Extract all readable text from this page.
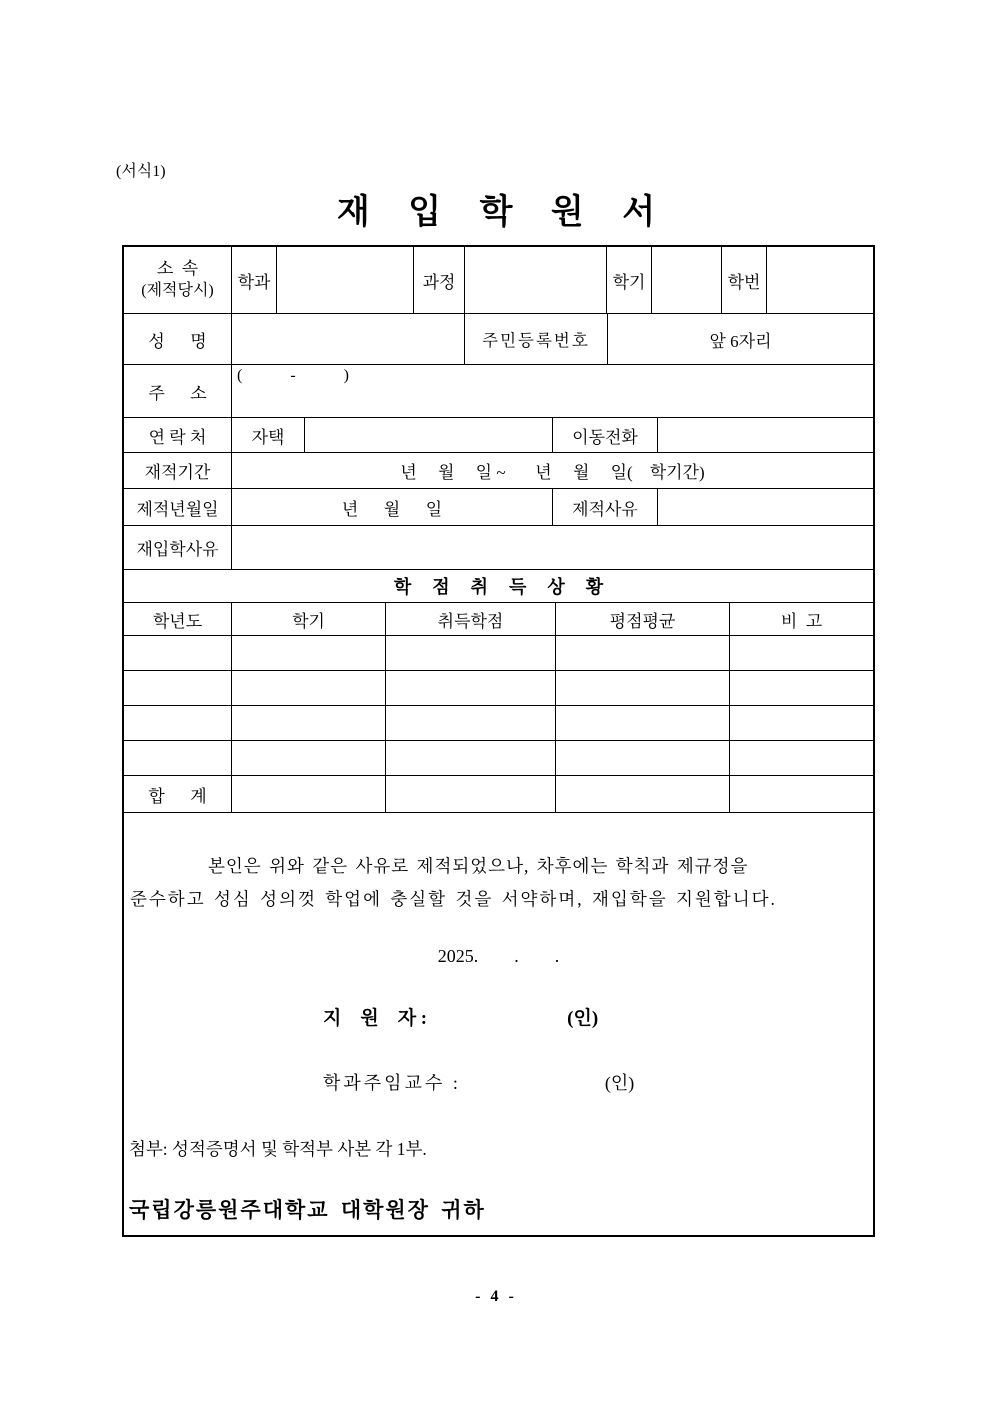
(서식1)
재 입 학 원 서
소  속
(제적당시)	학과	과정	학기	학번
성      명	주민등록번호	앞 6자리
주      소
(            -            )
연 락 처	자택	이동전화
재적기간	년     월     일 ~       년     월     일(    학기간)
제적년월일	년      월      일	제적사유
재입학사유
학  점  취  득  상  황
학년도	학기	취득학점	평점평균	비  고
합      계
본인은 위와 같은 사유로 제적되었으나, 차후에는 학칙과 제규정을
준수하고 성심 성의껏 학업에 충실할 것을 서약하며, 재입학을 지원합니다.
2025.        .        .
지    원    자 :	(인)
학과주임교수 :	(인)
첨부: 성적증명서 및 학적부 사본 각 1부.
국립강릉원주대학교 대학원장 귀하
- 4 -
